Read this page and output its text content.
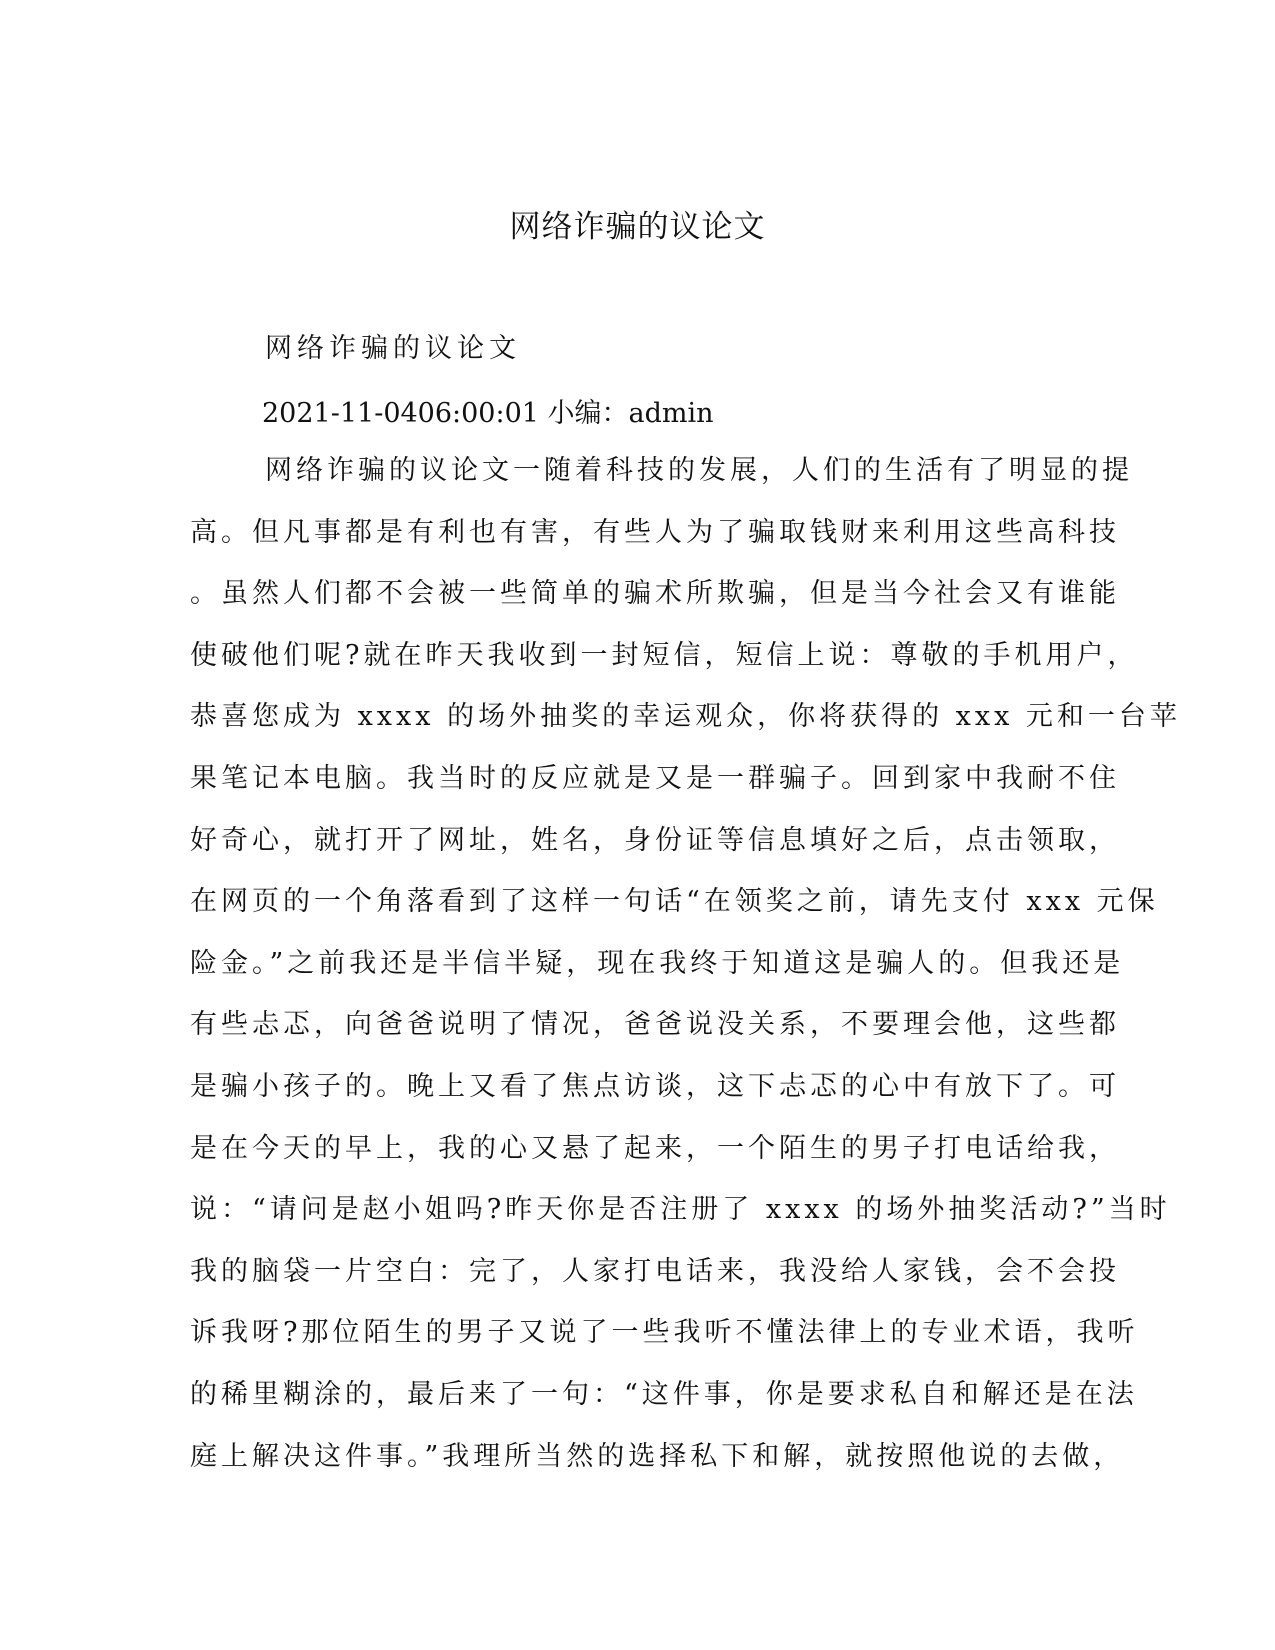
网络诈骗的议论文
网络诈骗的议论文
2021-11-0406:00:01 小编：admin
网络诈骗的议论文一随着科技的发展，人们的生活有了明显的提
高。但凡事都是有利也有害，有些人为了骗取钱财来利用这些高科技
。虽然人们都不会被一些简单的骗术所欺骗，但是当今社会又有谁能
使破他们呢?就在昨天我收到一封短信，短信上说：尊敬的手机用户，
恭喜您成为 xxxx 的场外抽奖的幸运观众，你将获得的 xxx 元和一台苹
果笔记本电脑。我当时的反应就是又是一群骗子。回到家中我耐不住
好奇心，就打开了网址，姓名，身份证等信息填好之后，点击领取，
在网页的一个角落看到了这样一句话“在领奖之前，请先支付 xxx 元保
险金。”之前我还是半信半疑，现在我终于知道这是骗人的。但我还是
有些忐忑，向爸爸说明了情况，爸爸说没关系，不要理会他，这些都
是骗小孩子的。晚上又看了焦点访谈，这下忐忑的心中有放下了。可
是在今天的早上，我的心又悬了起来，一个陌生的男子打电话给我，
说：“请问是赵小姐吗?昨天你是否注册了 xxxx 的场外抽奖活动?”当时
我的脑袋一片空白：完了，人家打电话来，我没给人家钱，会不会投
诉我呀?那位陌生的男子又说了一些我听不懂法律上的专业术语，我听
的稀里糊涂的，最后来了一句：“这件事，你是要求私自和解还是在法
庭上解决这件事。”我理所当然的选择私下和解，就按照他说的去做，
